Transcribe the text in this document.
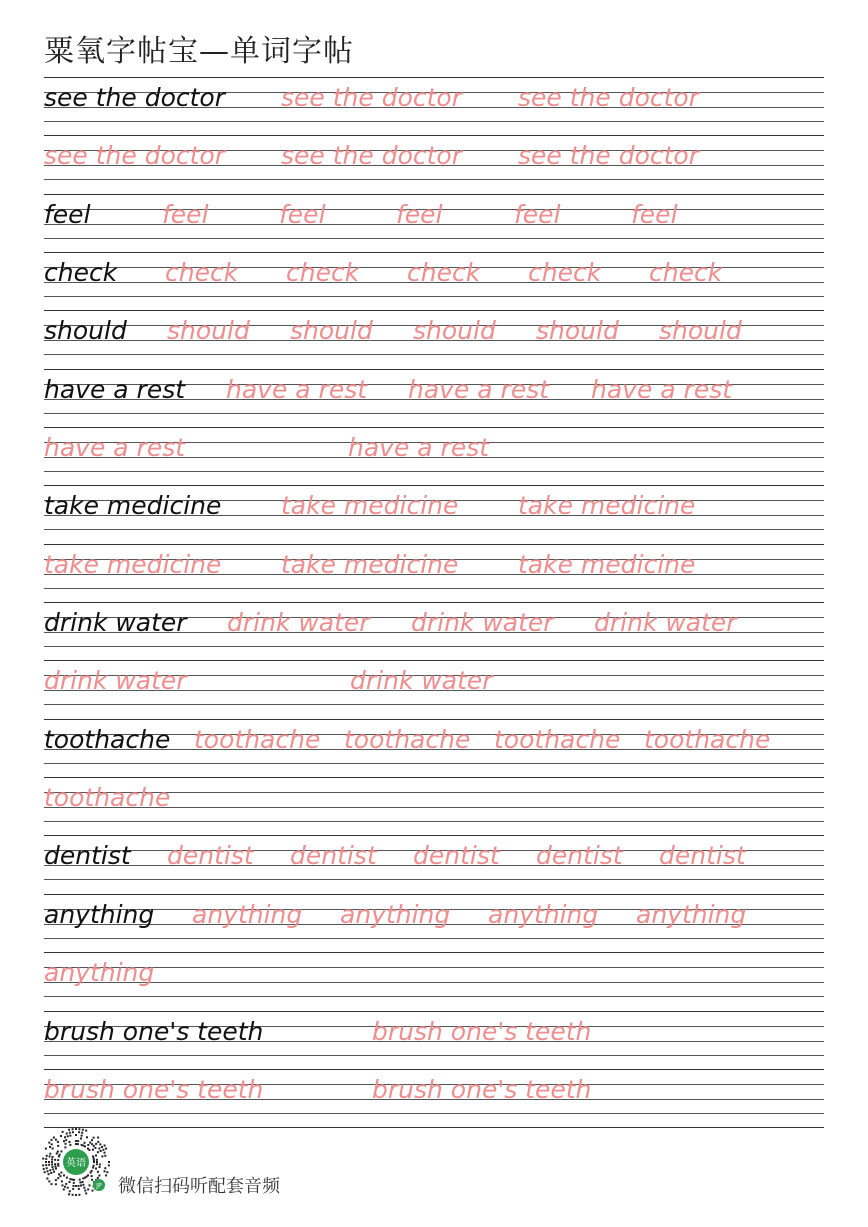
粟氧字帖宝—单词字帖
see the doctor see the doctor see the doctor
see the doctor see the doctor see the doctor
feel	feel	feel	feel	feel	feel
check check check check check check
should should should should should should
have a rest have a rest have a rest have a rest
have a rest	have a rest
take medicine take medicine take medicine
take medicine take medicine take medicine
drink water drink water drink water drink water
drink water	drink water
toothache toothache toothache toothache toothache
toothache
dentist dentist dentist dentist dentist dentist
anything anything anything anything anything
anything
brush one's teeth	brush one's teeth
brush one's teeth	brush one's teeth
英语
JP 微信扫码听配套音频
